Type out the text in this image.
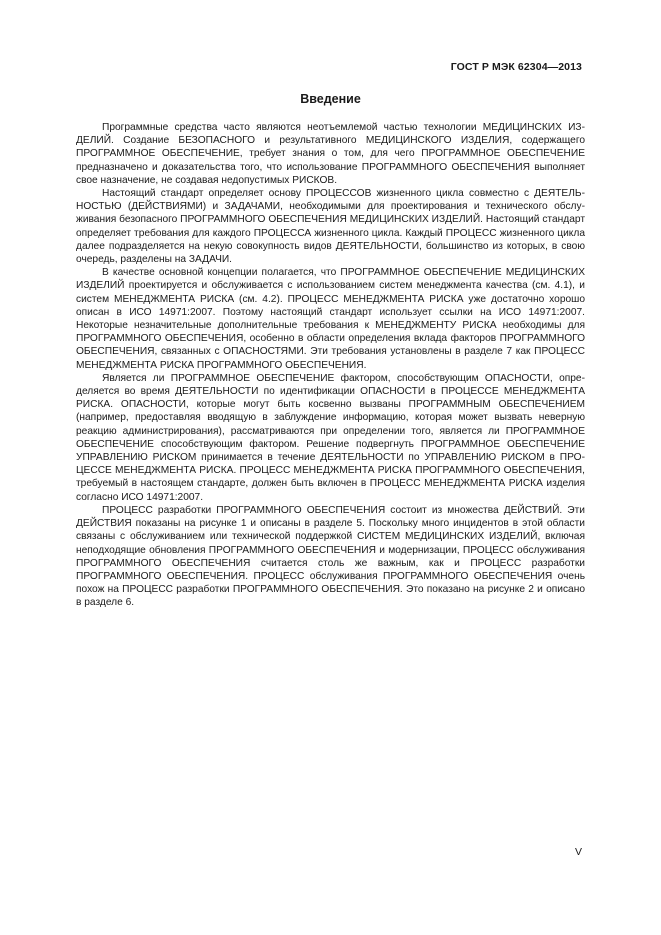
ГОСТ Р МЭК 62304—2013
Введение

Программные средства часто являются неотъемлемой частью технологии МЕДИЦИНСКИХ ИЗДЕЛИЙ. Создание БЕЗОПАСНОГО и результативного МЕДИЦИНСКОГО ИЗДЕЛИЯ, содержащего ПРОГРАММНОЕ ОБЕСПЕЧЕНИЕ, требует знания о том, для чего ПРОГРАММНОЕ ОБЕСПЕЧЕНИЕ предназначено и доказательства того, что использование ПРОГРАММНОГО ОБЕСПЕЧЕНИЯ выполняет свое назначение, не создавая недопустимых РИСКОВ.

Настоящий стандарт определяет основу ПРОЦЕССОВ жизненного цикла совместно с ДЕЯТЕЛЬНОСТЬЮ (ДЕЙСТВИЯМИ) и ЗАДАЧАМИ, необходимыми для проектирования и технического обслуживания безопасного ПРОГРАММНОГО ОБЕСПЕЧЕНИЯ МЕДИЦИНСКИХ ИЗДЕЛИЙ. Настоящий стандарт определяет требования для каждого ПРОЦЕССА жизненного цикла. Каждый ПРОЦЕСС жизненного цикла далее подразделяется на некую совокупность видов ДЕЯТЕЛЬНОСТИ, большинство из которых, в свою очередь, разделены на ЗАДАЧИ.

В качестве основной концепции полагается, что ПРОГРАММНОЕ ОБЕСПЕЧЕНИЕ МЕДИЦИНСКИХ ИЗДЕЛИЙ проектируется и обслуживается с использованием систем менеджмента качества (см. 4.1), и систем МЕНЕДЖМЕНТА РИСКА (см. 4.2). ПРОЦЕСС МЕНЕДЖМЕНТА РИСКА уже достаточно хорошо описан в ИСО 14971:2007. Поэтому настоящий стандарт использует ссылки на ИСО 14971:2007. Некоторые незначительные дополнительные требования к МЕНЕДЖМЕНТУ РИСКА необходимы для ПРОГРАММНОГО ОБЕСПЕЧЕНИЯ, особенно в области определения вклада факторов ПРОГРАММНОГО ОБЕСПЕЧЕНИЯ, связанных с ОПАСНОСТЯМИ. Эти требования установлены в разделе 7 как ПРОЦЕСС МЕНЕДЖМЕНТА РИСКА ПРОГРАММНОГО ОБЕСПЕЧЕНИЯ.

Является ли ПРОГРАММНОЕ ОБЕСПЕЧЕНИЕ фактором, способствующим ОПАСНОСТИ, определяется во время ДЕЯТЕЛЬНОСТИ по идентификации ОПАСНОСТИ в ПРОЦЕССЕ МЕНЕДЖМЕНТА РИСКА. ОПАСНОСТИ, которые могут быть косвенно вызваны ПРОГРАММНЫМ ОБЕСПЕЧЕНИЕМ (например, предоставляя вводящую в заблуждение информацию, которая может вызвать неверную реакцию администрирования), рассматриваются при определении того, является ли ПРОГРАММНОЕ ОБЕСПЕЧЕНИЕ способствующим фактором. Решение подвергнуть ПРОГРАММНОЕ ОБЕСПЕЧЕНИЕ УПРАВЛЕНИЮ РИСКОМ принимается в течение ДЕЯТЕЛЬНОСТИ по УПРАВЛЕНИЮ РИСКОМ в ПРОЦЕССЕ МЕНЕДЖМЕНТА РИСКА. ПРОЦЕСС МЕНЕДЖМЕНТА РИСКА ПРОГРАММНОГО ОБЕСПЕЧЕНИЯ, требуемый в настоящем стандарте, должен быть включен в ПРОЦЕСС МЕНЕДЖМЕНТА РИСКА изделия согласно ИСО 14971:2007.

ПРОЦЕСС разработки ПРОГРАММНОГО ОБЕСПЕЧЕНИЯ состоит из множества ДЕЙСТВИЙ. Эти ДЕЙСТВИЯ показаны на рисунке 1 и описаны в разделе 5. Поскольку много инцидентов в этой области связаны с обслуживанием или технической поддержкой СИСТЕМ МЕДИЦИНСКИХ ИЗДЕЛИЙ, включая неподходящие обновления ПРОГРАММНОГО ОБЕСПЕЧЕНИЯ и модернизации, ПРОЦЕСС обслуживания ПРОГРАММНОГО ОБЕСПЕЧЕНИЯ считается столь же важным, как и ПРОЦЕСС разработки ПРОГРАММНОГО ОБЕСПЕЧЕНИЯ. ПРОЦЕСС обслуживания ПРОГРАММНОГО ОБЕСПЕЧЕНИЯ очень похож на ПРОЦЕСС разработки ПРОГРАММНОГО ОБЕСПЕЧЕНИЯ. Это показано на рисунке 2 и описано в разделе 6.

V
